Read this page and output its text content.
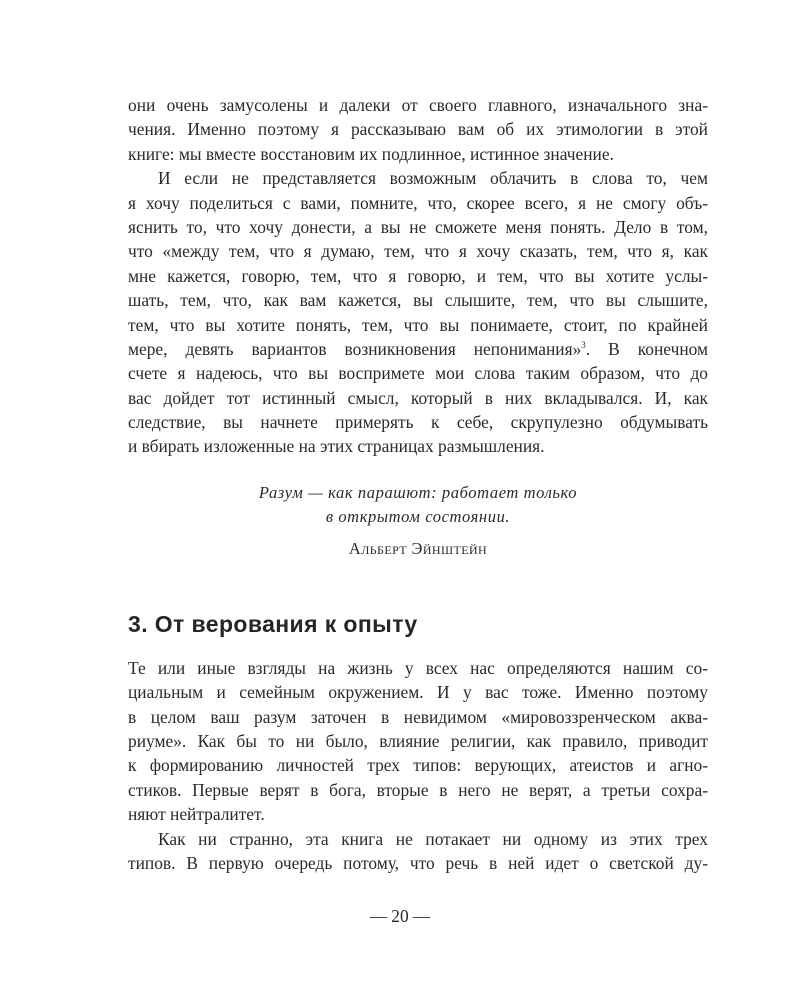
они очень замусолены и далеки от своего главного, изначального зна-
чения. Именно поэтому я рассказываю вам об их этимологии в этой
книге: мы вместе восстановим их подлинное, истинное значение.
И если не представляется возможным облачить в слова то, чем
я хочу поделиться с вами, помните, что, скорее всего, я не смогу объ-
яснить то, что хочу донести, а вы не сможете меня понять. Дело в том,
что «между тем, что я думаю, тем, что я хочу сказать, тем, что я, как
мне кажется, говорю, тем, что я говорю, и тем, что вы хотите услы-
шать, тем, что, как вам кажется, вы слышите, тем, что вы слышите,
тем, что вы хотите понять, тем, что вы понимаете, стоит, по крайней
мере, девять вариантов возникновения непонимания»$^3$. В конечном
счете я надеюсь, что вы воспримете мои слова таким образом, что до
вас дойдет тот истинный смысл, который в них вкладывался. И, как
следствие, вы начнете примерять к себе, скрупулезно обдумывать
и вбирать изложенные на этих страницах размышления.
Разум — как парашют: работает только
в открытом состоянии.
Альберт Эйнштейн
3. От верования к опыту
Те или иные взгляды на жизнь у всех нас определяются нашим со-
циальным и семейным окружением. И у вас тоже. Именно поэтому
в целом ваш разум заточен в невидимом «мировоззренческом аква-
риуме». Как бы то ни было, влияние религии, как правило, приводит
к формированию личностей трех типов: верующих, атеистов и агно-
стиков. Первые верят в бога, вторые в него не верят, а третьи сохра-
няют нейтралитет.
Как ни странно, эта книга не потакает ни одному из этих трех
типов. В первую очередь потому, что речь в ней идет о светской ду-
— 20 —
